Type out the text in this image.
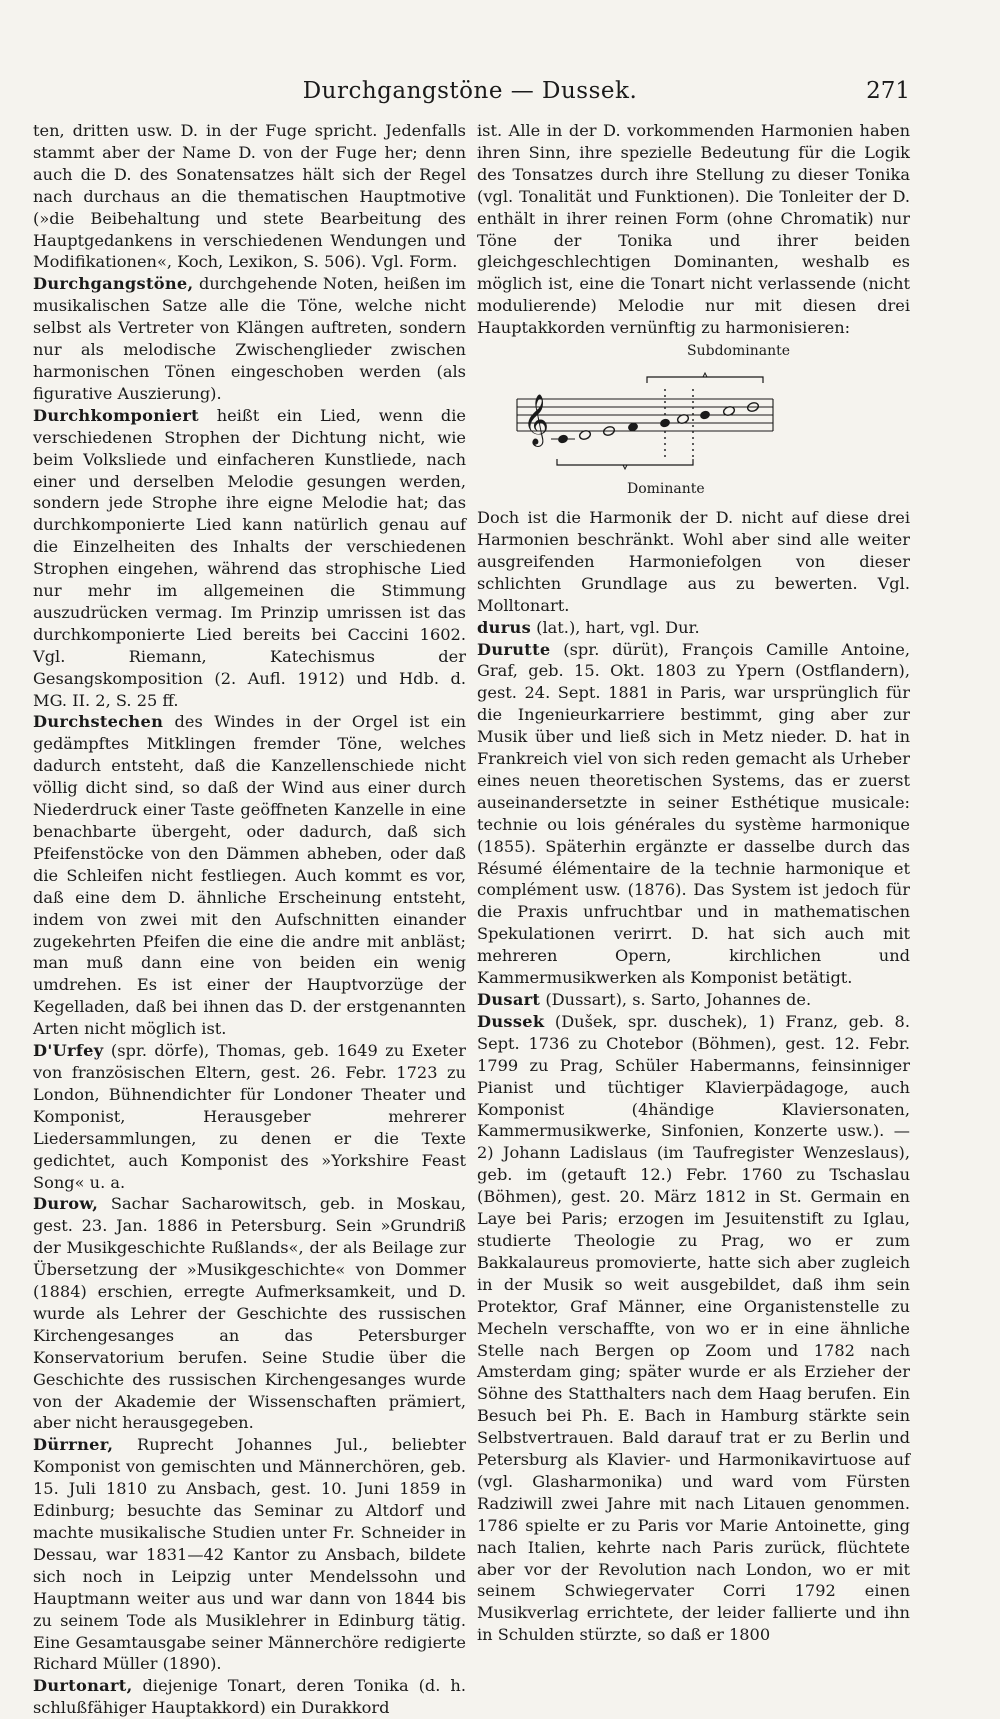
Durchgangstöne — Dussek.	271

ten, dritten usw. D. in der Fuge spricht. Jedenfalls stammt aber der Name D. von der Fuge her; denn auch die D. des Sonatensatzes hält sich der Regel nach durchaus an die thematischen Hauptmotive (»die Beibehaltung und stete Bearbeitung des Hauptgedankens in verschiedenen Wendungen und Modifikationen«, Koch, Lexikon, S. 506). Vgl. Form.

Durchgangstöne, durchgehende Noten, heißen im musikalischen Satze alle die Töne, welche nicht selbst als Vertreter von Klängen auftreten, sondern nur als melodische Zwischenglieder zwischen harmonischen Tönen eingeschoben werden (als figurative Auszierung).

Durchkomponiert heißt ein Lied, wenn die verschiedenen Strophen der Dichtung nicht, wie beim Volksliede und einfacheren Kunstliede, nach einer und derselben Melodie gesungen werden, sondern jede Strophe ihre eigne Melodie hat; das durchkomponierte Lied kann natürlich genau auf die Einzelheiten des Inhalts der verschiedenen Strophen eingehen, während das strophische Lied nur mehr im allgemeinen die Stimmung auszudrücken vermag. Im Prinzip umrissen ist das durchkomponierte Lied bereits bei Caccini 1602. Vgl. Riemann, Katechismus der Gesangskomposition (2. Aufl. 1912) und Hdb. d. MG. II. 2, S. 25 ff.

Durchstechen des Windes in der Orgel ist ein gedämpftes Mitklingen fremder Töne, welches dadurch entsteht, daß die Kanzellenschiede nicht völlig dicht sind, so daß der Wind aus einer durch Niederdruck einer Taste geöffneten Kanzelle in eine benachbarte übergeht, oder dadurch, daß sich Pfeifenstöcke von den Dämmen abheben, oder daß die Schleifen nicht festliegen. Auch kommt es vor, daß eine dem D. ähnliche Erscheinung entsteht, indem von zwei mit den Aufschnitten einander zugekehrten Pfeifen die eine die andre mit anbläst; man muß dann eine von beiden ein wenig umdrehen. Es ist einer der Hauptvorzüge der Kegelladen, daß bei ihnen das D. der erstgenannten Arten nicht möglich ist.

D'Urfey (spr. dörfe), Thomas, geb. 1649 zu Exeter von französischen Eltern, gest. 26. Febr. 1723 zu London, Bühnendichter für Londoner Theater und Komponist, Herausgeber mehrerer Liedersammlungen, zu denen er die Texte gedichtet, auch Komponist des »Yorkshire Feast Song« u. a.

Durow, Sachar Sacharowitsch, geb. in Moskau, gest. 23. Jan. 1886 in Petersburg. Sein »Grundriß der Musikgeschichte Rußlands«, der als Beilage zur Übersetzung der »Musikgeschichte« von Dommer (1884) erschien, erregte Aufmerksamkeit, und D. wurde als Lehrer der Geschichte des russischen Kirchengesanges an das Petersburger Konservatorium berufen. Seine Studie über die Geschichte des russischen Kirchengesanges wurde von der Akademie der Wissenschaften prämiert, aber nicht herausgegeben.

Dürrner, Ruprecht Johannes Jul., beliebter Komponist von gemischten und Männerchören, geb. 15. Juli 1810 zu Ansbach, gest. 10. Juni 1859 in Edinburg; besuchte das Seminar zu Altdorf und machte musikalische Studien unter Fr. Schneider in Dessau, war 1831—42 Kantor zu Ansbach, bildete sich noch in Leipzig unter Mendelssohn und Hauptmann weiter aus und war dann von 1844 bis zu seinem Tode als Musiklehrer in Edinburg tätig. Eine Gesamtausgabe seiner Männerchöre redigierte Richard Müller (1890).

Durtonart, diejenige Tonart, deren Tonika (d. h. schlußfähiger Hauptakkord) ein Durakkord

ist. Alle in der D. vorkommenden Harmonien haben ihren Sinn, ihre spezielle Bedeutung für die Logik des Tonsatzes durch ihre Stellung zu dieser Tonika (vgl. Tonalität und Funktionen). Die Tonleiter der D. enthält in ihrer reinen Form (ohne Chromatik) nur Töne der Tonika und ihrer beiden gleichgeschlechtigen Dominanten, weshalb es möglich ist, eine die Tonart nicht verlassende (nicht modulierende) Melodie nur mit diesen drei Hauptakkorden vernünftig zu harmonisieren:

Subdominante
Dominante
𝄞

Doch ist die Harmonik der D. nicht auf diese drei Harmonien beschränkt. Wohl aber sind alle weiter ausgreifenden Harmoniefolgen von dieser schlichten Grundlage aus zu bewerten. Vgl. Molltonart.

durus (lat.), hart, vgl. Dur.

Durutte (spr. dürüt), François Camille Antoine, Graf, geb. 15. Okt. 1803 zu Ypern (Ostflandern), gest. 24. Sept. 1881 in Paris, war ursprünglich für die Ingenieurkarriere bestimmt, ging aber zur Musik über und ließ sich in Metz nieder. D. hat in Frankreich viel von sich reden gemacht als Urheber eines neuen theoretischen Systems, das er zuerst auseinandersetzte in seiner Esthétique musicale: technie ou lois générales du système harmonique (1855). Späterhin ergänzte er dasselbe durch das Résumé élémentaire de la technie harmonique et complément usw. (1876). Das System ist jedoch für die Praxis unfruchtbar und in mathematischen Spekulationen verirrt. D. hat sich auch mit mehreren Opern, kirchlichen und Kammermusikwerken als Komponist betätigt.

Dusart (Dussart), s. Sarto, Johannes de.

Dussek (Dušek, spr. duschek), 1) Franz, geb. 8. Sept. 1736 zu Chotebor (Böhmen), gest. 12. Febr. 1799 zu Prag, Schüler Habermanns, feinsinniger Pianist und tüchtiger Klavierpädagoge, auch Komponist (4händige Klaviersonaten, Kammermusikwerke, Sinfonien, Konzerte usw.). — 2) Johann Ladislaus (im Taufregister Wenzeslaus), geb. im (getauft 12.) Febr. 1760 zu Tschaslau (Böhmen), gest. 20. März 1812 in St. Germain en Laye bei Paris; erzogen im Jesuitenstift zu Iglau, studierte Theologie zu Prag, wo er zum Bakkalaureus promovierte, hatte sich aber zugleich in der Musik so weit ausgebildet, daß ihm sein Protektor, Graf Männer, eine Organistenstelle zu Mecheln verschaffte, von wo er in eine ähnliche Stelle nach Bergen op Zoom und 1782 nach Amsterdam ging; später wurde er als Erzieher der Söhne des Statthalters nach dem Haag berufen. Ein Besuch bei Ph. E. Bach in Hamburg stärkte sein Selbstvertrauen. Bald darauf trat er zu Berlin und Petersburg als Klavier- und Harmonikavirtuose auf (vgl. Glasharmonika) und ward vom Fürsten Radziwill zwei Jahre mit nach Litauen genommen. 1786 spielte er zu Paris vor Marie Antoinette, ging nach Italien, kehrte nach Paris zurück, flüchtete aber vor der Revolution nach London, wo er mit seinem Schwiegervater Corri 1792 einen Musikverlag errichtete, der leider fallierte und ihn in Schulden stürzte, so daß er 1800
